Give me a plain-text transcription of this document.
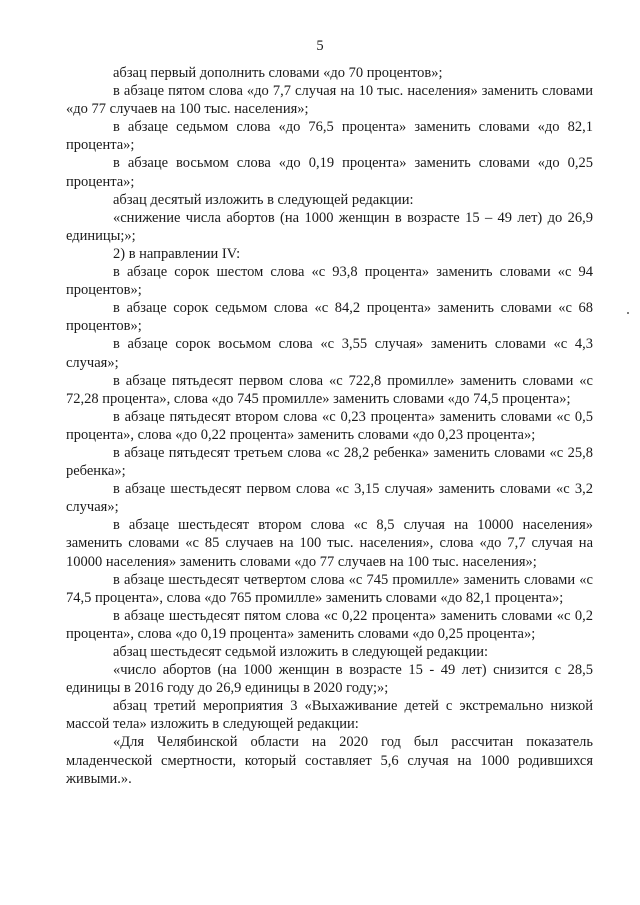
5

абзац первый дополнить словами «до 70 процентов»;

в абзаце пятом слова «до 7,7 случая на 10 тыс. населения» заменить словами «до 77 случаев на 100 тыс. населения»;

в абзаце седьмом слова «до 76,5 процента» заменить словами «до 82,1 процента»;

в абзаце восьмом слова «до 0,19 процента» заменить словами «до 0,25 процента»;

абзац десятый изложить в следующей редакции:

«снижение числа абортов (на 1000 женщин в возрасте 15 – 49 лет) до 26,9 единицы;»;

2) в направлении IV:

в абзаце сорок шестом слова «с 93,8 процента» заменить словами «с 94 процентов»;

в абзаце сорок седьмом слова «с 84,2 процента» заменить словами «с 68 процентов»;

в абзаце сорок восьмом слова «с 3,55 случая» заменить словами «с 4,3 случая»;

в абзаце пятьдесят первом слова «с 722,8 промилле» заменить словами «с 72,28 процента», слова «до 745 промилле» заменить словами «до 74,5 процента»;

в абзаце пятьдесят втором слова «с 0,23 процента» заменить словами «с 0,5 процента», слова «до 0,22 процента» заменить словами «до 0,23 процента»;

в абзаце пятьдесят третьем слова «с 28,2 ребенка» заменить словами «с 25,8 ребенка»;

в абзаце шестьдесят первом слова «с 3,15 случая» заменить словами «с 3,2 случая»;

в абзаце шестьдесят втором слова «с 8,5 случая на 10000 населения» заменить словами «с 85 случаев на 100 тыс. населения», слова «до 7,7 случая на 10000 населения» заменить словами «до 77 случаев на 100 тыс. населения»;

в абзаце шестьдесят четвертом слова «с 745 промилле» заменить словами «с 74,5 процента», слова «до 765 промилле» заменить словами «до 82,1 процента»;

в абзаце шестьдесят пятом слова «с 0,22 процента» заменить словами «с 0,2 процента», слова «до 0,19 процента» заменить словами «до 0,25 процента»;

абзац шестьдесят седьмой изложить в следующей редакции:

«число абортов (на 1000 женщин в возрасте 15 - 49 лет) снизится с 28,5 единицы в 2016 году до 26,9 единицы в 2020 году;»;

абзац третий мероприятия 3 «Выхаживание детей с экстремально низкой массой тела» изложить в следующей редакции:

«Для Челябинской области на 2020 год был рассчитан показатель младенческой смертности, который составляет 5,6 случая на 1000 родившихся живыми.».
